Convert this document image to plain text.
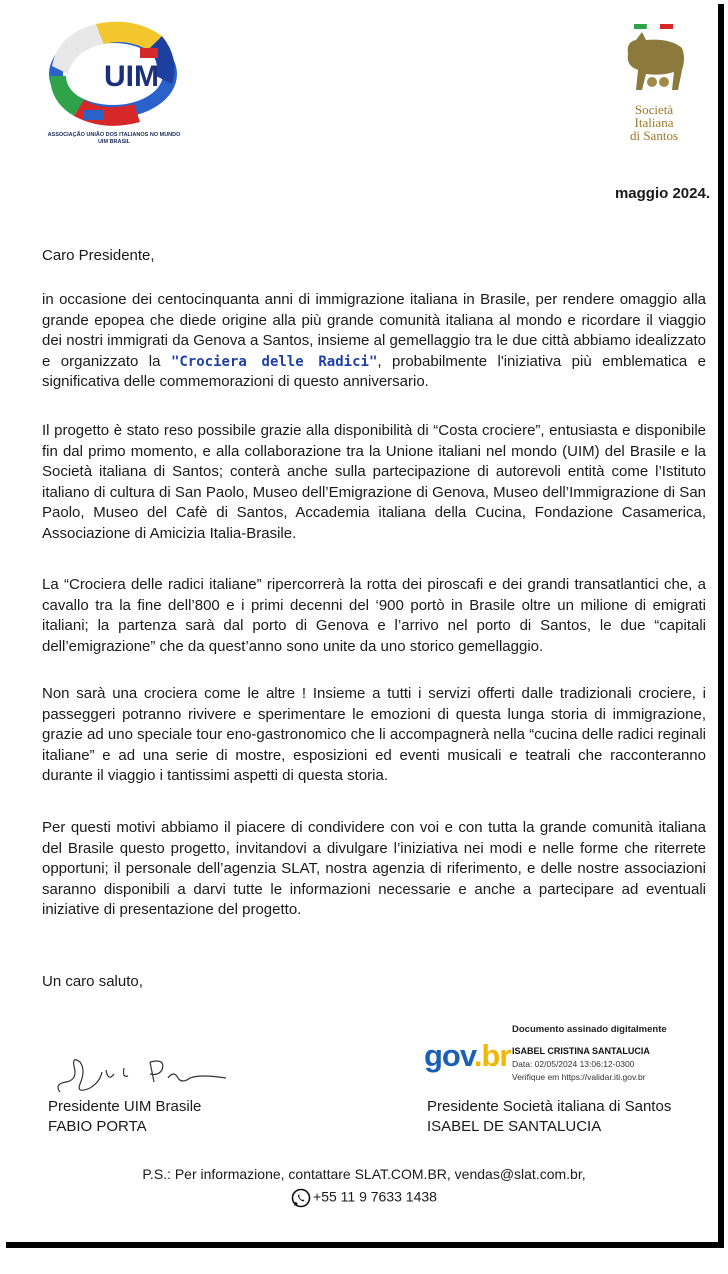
UIM
ASSOCIAÇÃO UNIÃO DOS ITALIANOS NO MUNDO
UIM BRASIL
Società
Italiana
di Santos
maggio 2024.
Caro Presidente,
in occasione dei centocinquanta anni di immigrazione italiana in Brasile, per rendere omaggio alla grande epopea che diede origine alla più grande comunità italiana al mondo e ricordare il viaggio dei nostri immigrati da Genova a Santos, insieme al gemellaggio tra le due città abbiamo idealizzato e organizzato la "Crociera delle Radici", probabilmente l'iniziativa più emblematica e significativa delle commemorazioni di questo anniversario.
Il progetto è stato reso possibile grazie alla disponibilità di “Costa crociere”, entusiasta e disponibile fin dal primo momento, e alla collaborazione tra la Unione italiani nel mondo (UIM) del Brasile e la Società italiana di Santos; conterà anche sulla partecipazione di autorevoli entità come l’Istituto italiano di cultura di San Paolo, Museo dell’Emigrazione di Genova, Museo dell’Immigrazione di San Paolo, Museo del Cafè di Santos, Accademia italiana della Cucina, Fondazione Casamerica, Associazione di Amicizia Italia-Brasile.
La “Crociera delle radici italiane” ripercorrerà la rotta dei piroscafi e dei grandi transatlantici che, a cavallo tra la fine dell’800 e i primi decenni del ‘900 portò in Brasile oltre un milione di emigrati italiani; la partenza sarà dal porto di Genova e l’arrivo nel porto di Santos, le due “capitali dell’emigrazione” che da quest’anno sono unite da uno storico gemellaggio.
Non sarà una crociera come le altre ! Insieme a tutti i servizi offerti dalle tradizionali crociere, i passeggeri potranno rivivere e sperimentare le emozioni di questa lunga storia di immigrazione, grazie ad uno speciale tour eno-gastronomico che li accompagnerà nella “cucina delle radici reginali italiane” e ad una serie di mostre, esposizioni ed eventi musicali e teatrali che racconteranno durante il viaggio i tantissimi aspetti di questa storia.
Per questi motivi abbiamo il piacere di condividere con voi e con tutta la grande comunità italiana del Brasile questo progetto, invitandovi a divulgare l’iniziativa nei modi e nelle forme che riterrete opportuni; il personale dell’agenzia SLAT, nostra agenzia di riferimento, e delle nostre associazioni saranno disponibili a darvi tutte le informazioni necessarie e anche a partecipare ad eventuali iniziative di presentazione del progetto.
Un caro saluto,
Presidente UIM Brasile
FABIO PORTA
Documento assinado digitalmente
gov.br ISABEL CRISTINA SANTALUCIA
Data: 02/05/2024 13:06:12-0300
Verifique em https://validar.iti.gov.br
Presidente Società italiana di Santos
ISABEL DE SANTALUCIA
P.S.: Per informazione, contattare SLAT.COM.BR, vendas@slat.com.br,
+55 11 9 7633 1438
